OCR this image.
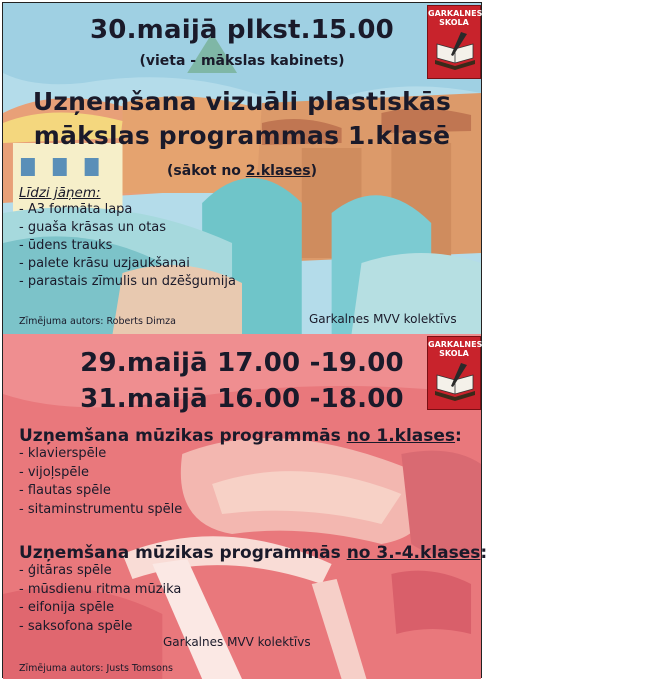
30.maijā plkst.15.00
(vieta - mākslas kabinets)
Uzņemšana vizuāli plastiskās
mākslas programmas 1.klasē
(sākot no 2.klases)
Līdzi jāņem:
- A3 formāta lapa
- guaša krāsas un otas
- ūdens trauks
- palete krāsu uzjaukšanai
- parastais zīmulis un dzēšgumija
Zīmējuma autors: Roberts Dimza	Garkalnes MVV kolektīvs
GARKALNES
SKOLA
29.maijā 17.00 -19.00
31.maijā 16.00 -18.00
Uzņemšana mūzikas programmās no 1.klases:
- klavierspēle
- vijoļspēle
- flautas spēle
- sitaminstrumentu spēle
Uzņemšana mūzikas programmās no 3.-4.klases:
- ģitāras spēle
- mūsdienu ritma mūzika
- eifonija spēle
- saksofona spēle
Garkalnes MVV kolektīvs
Zīmējuma autors: Justs Tomsons
GARKALNES
SKOLA
